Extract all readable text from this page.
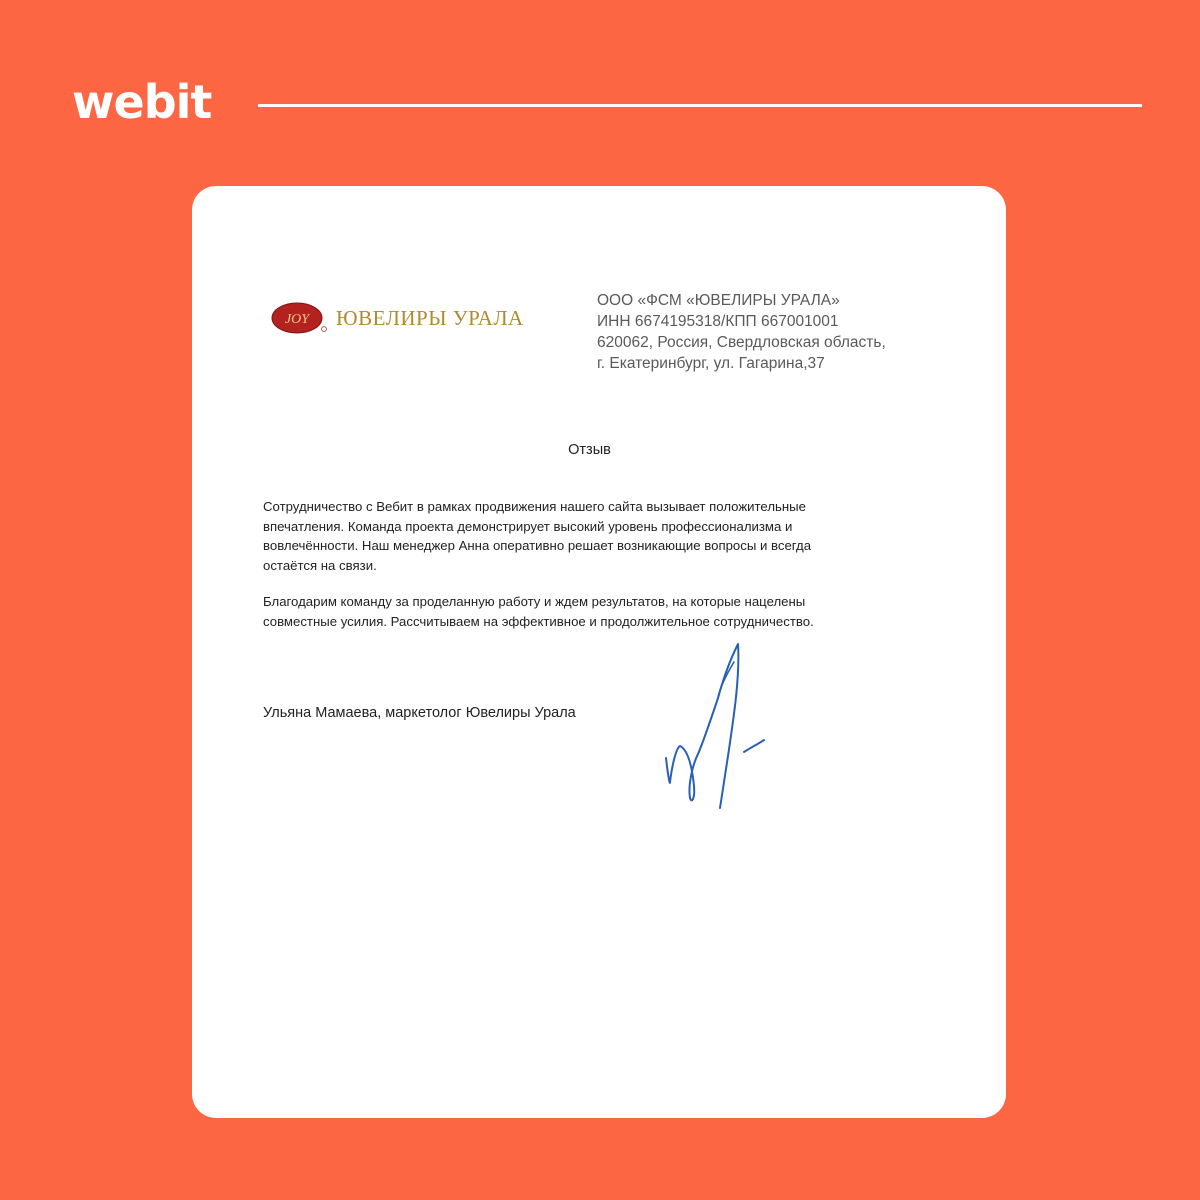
webit
JOY ЮВЕЛИРЫ УРАЛА
ООО «ФСМ «ЮВЕЛИРЫ УРАЛА»
ИНН 6674195318/КПП 667001001
620062, Россия, Свердловская область,
г. Екатеринбург, ул. Гагарина,37
Отзыв
Сотрудничество с Вебит в рамках продвижения нашего сайта вызывает положительные
впечатления. Команда проекта демонстрирует высокий уровень профессионализма и
вовлечённости. Наш менеджер Анна оперативно решает возникающие вопросы и всегда
остаётся на связи.
Благодарим команду за проделанную работу и ждем результатов, на которые нацелены
совместные усилия. Рассчитываем на эффективное и продолжительное сотрудничество.
Ульяна Мамаева, маркетолог Ювелиры Урала
